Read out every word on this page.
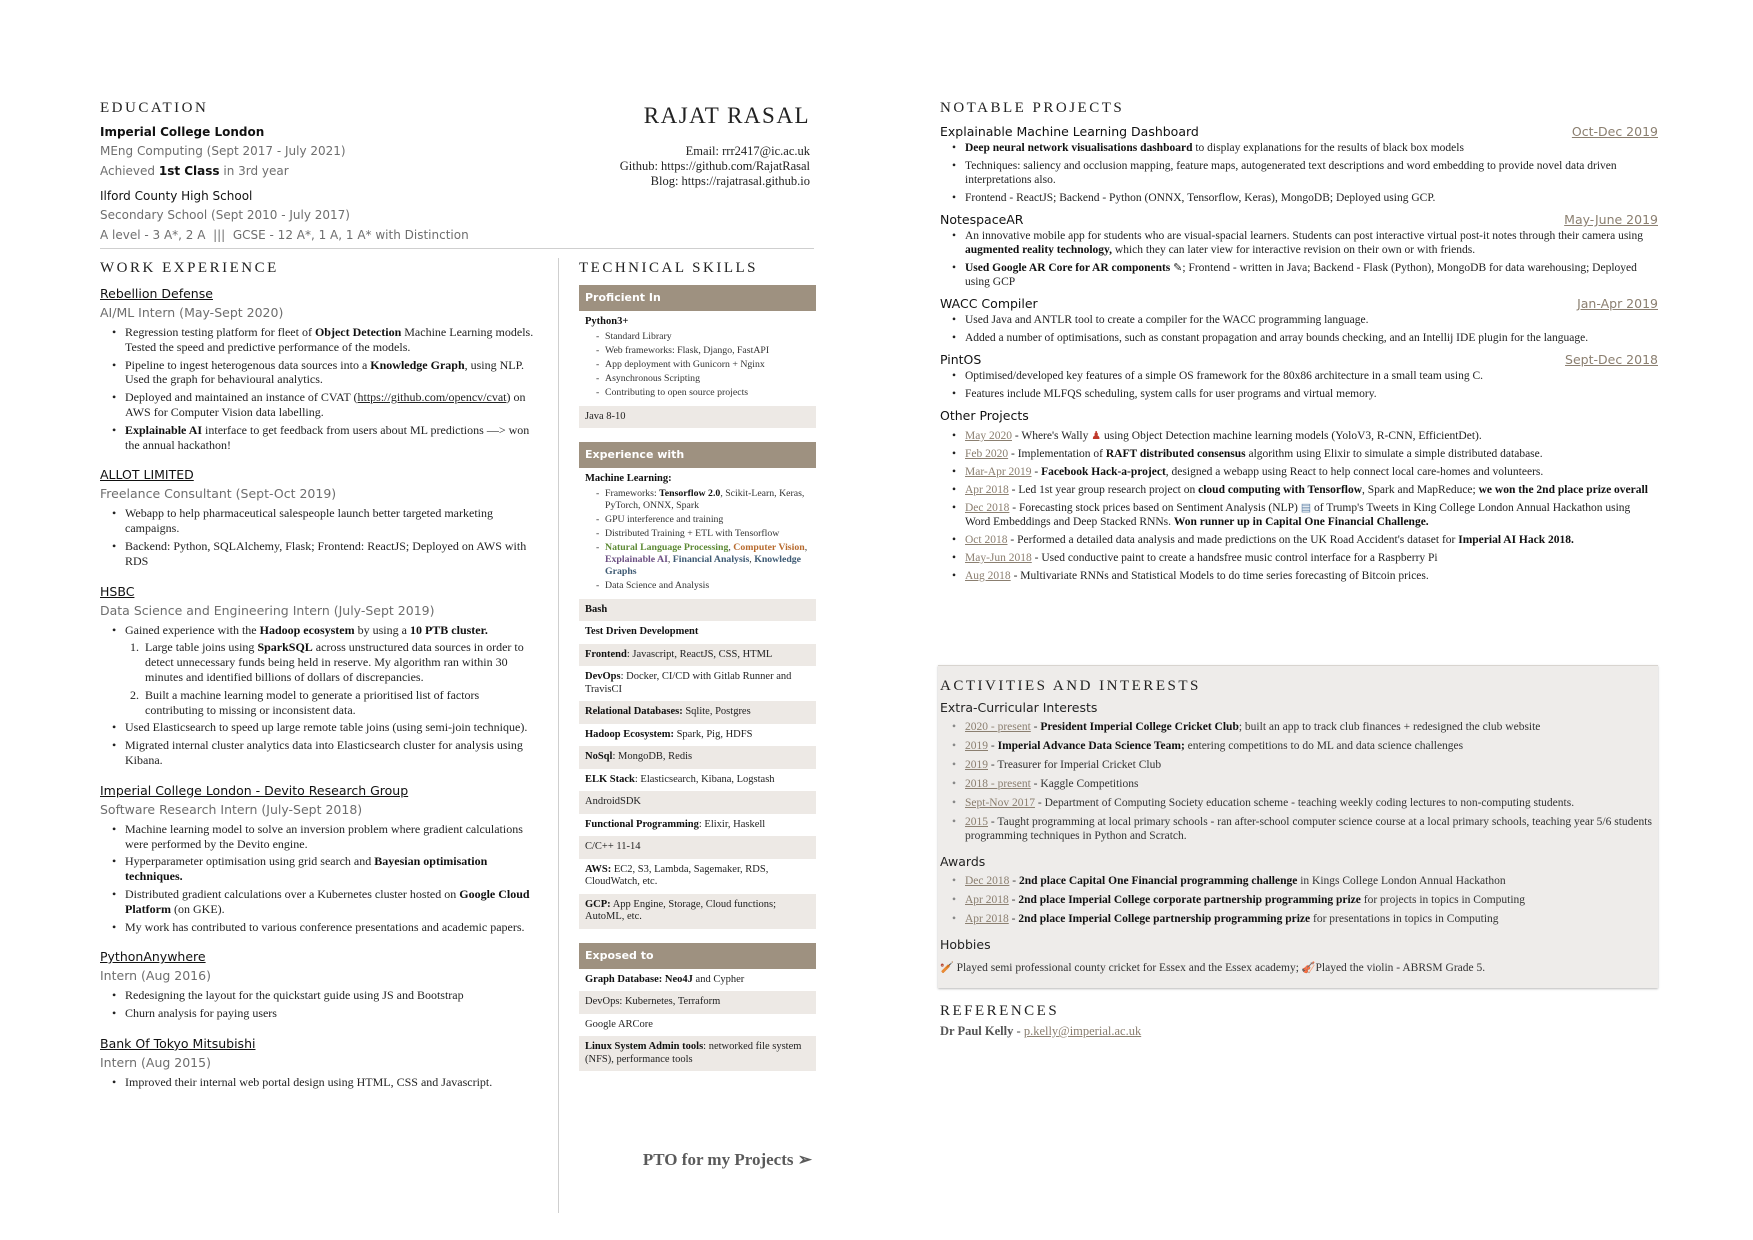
EDUCATION
Imperial College London
MEng Computing (Sept 2017 - July 2021)
Achieved 1st Class in 3rd year
Ilford County High School
Secondary School (Sept 2010 - July 2017)
A level - 3 A*, 2 A  |||  GCSE - 12 A*, 1 A, 1 A* with Distinction
RAJAT RASAL
Email: rrr2417@ic.ac.uk
Github: https://github.com/RajatRasal
Blog: https://rajatrasal.github.io
WORK EXPERIENCE
Rebellion Defense
AI/ML Intern (May-Sept 2020)
• Regression testing platform for fleet of Object Detection Machine Learning models. Tested the speed and predictive performance of the models.
• Pipeline to ingest heterogenous data sources into a Knowledge Graph, using NLP. Used the graph for behavioural analytics.
• Deployed and maintained an instance of CVAT (https://github.com/opencv/cvat) on AWS for Computer Vision data labelling.
• Explainable AI interface to get feedback from users about ML predictions —> won the annual hackathon!
ALLOT LIMITED
Freelance Consultant (Sept-Oct 2019)
• Webapp to help pharmaceutical salespeople launch better targeted marketing campaigns.
• Backend: Python, SQLAlchemy, Flask; Frontend: ReactJS; Deployed on AWS with RDS
HSBC
Data Science and Engineering Intern (July-Sept 2019)
• Gained experience with the Hadoop ecosystem by using a 10 PTB cluster.
1. Large table joins using SparkSQL across unstructured data sources in order to detect unnecessary funds being held in reserve. My algorithm ran within 30 minutes and identified billions of dollars of discrepancies.
2. Built a machine learning model to generate a prioritised list of factors contributing to missing or inconsistent data.
• Used Elasticsearch to speed up large remote table joins (using semi-join technique).
• Migrated internal cluster analytics data into Elasticsearch cluster for analysis using Kibana.
Imperial College London - Devito Research Group
Software Research Intern (July-Sept 2018)
• Machine learning model to solve an inversion problem where gradient calculations were performed by the Devito engine.
• Hyperparameter optimisation using grid search and Bayesian optimisation techniques.
• Distributed gradient calculations over a Kubernetes cluster hosted on Google Cloud Platform (on GKE).
• My work has contributed to various conference presentations and academic papers.
PythonAnywhere
Intern (Aug 2016)
• Redesigning the layout for the quickstart guide using JS and Bootstrap
• Churn analysis for paying users
Bank Of Tokyo Mitsubishi
Intern (Aug 2015)
• Improved their internal web portal design using HTML, CSS and Javascript.
TECHNICAL SKILLS
Proficient In
Python3+
- Standard Library
- Web frameworks: Flask, Django, FastAPI
- App deployment with Gunicorn + Nginx
- Asynchronous Scripting
- Contributing to open source projects
Java 8-10
Experience with
Machine Learning:
- Frameworks: Tensorflow 2.0, Scikit-Learn, Keras, PyTorch, ONNX, Spark
- GPU interference and training
- Distributed Training + ETL with Tensorflow
- Natural Language Processing, Computer Vision, Explainable AI, Financial Analysis, Knowledge Graphs
- Data Science and Analysis
Bash
Test Driven Development
Frontend: Javascript, ReactJS, CSS, HTML
DevOps: Docker, CI/CD with Gitlab Runner and TravisCI
Relational Databases: Sqlite, Postgres
Hadoop Ecosystem: Spark, Pig, HDFS
NoSql: MongoDB, Redis
ELK Stack: Elasticsearch, Kibana, Logstash
AndroidSDK
Functional Programming: Elixir, Haskell
C/C++ 11-14
AWS: EC2, S3, Lambda, Sagemaker, RDS, CloudWatch, etc.
GCP: App Engine, Storage, Cloud functions; AutoML, etc.
Exposed to
Graph Database: Neo4J and Cypher
DevOps: Kubernetes, Terraform
Google ARCore
Linux System Admin tools: networked file system (NFS), performance tools
PTO for my Projects ➢
NOTABLE PROJECTS
Explainable Machine Learning Dashboard	Oct-Dec 2019
• Deep neural network visualisations dashboard to display explanations for the results of black box models
• Techniques: saliency and occlusion mapping, feature maps, autogenerated text descriptions and word embedding to provide novel data driven interpretations also.
• Frontend - ReactJS; Backend - Python (ONNX, Tensorflow, Keras), MongoDB; Deployed using GCP.
NotespaceAR	May-June 2019
• An innovative mobile app for students who are visual-spacial learners. Students can post interactive virtual post-it notes through their camera using augmented reality technology, which they can later view for interactive revision on their own or with friends.
• Used Google AR Core for AR components ✎; Frontend - written in Java; Backend - Flask (Python), MongoDB for data warehousing; Deployed using GCP
WACC Compiler	Jan-Apr 2019
• Used Java and ANTLR tool to create a compiler for the WACC programming language.
• Added a number of optimisations, such as constant propagation and array bounds checking, and an Intellij IDE plugin for the language.
PintOS	Sept-Dec 2018
• Optimised/developed key features of a simple OS framework for the 80x86 architecture in a small team using C.
• Features include MLFQS scheduling, system calls for user programs and virtual memory.
Other Projects
• May 2020 - Where's Wally ♟ using Object Detection machine learning models (YoloV3, R-CNN, EfficientDet).
• Feb 2020 - Implementation of RAFT distributed consensus algorithm using Elixir to simulate a simple distributed database.
• Mar-Apr 2019 - Facebook Hack-a-project, designed a webapp using React to help connect local care-homes and volunteers.
• Apr 2018 - Led 1st year group research project on cloud computing with Tensorflow, Spark and MapReduce; we won the 2nd place prize overall
• Dec 2018 - Forecasting stock prices based on Sentiment Analysis (NLP) ▤ of Trump's Tweets in King College London Annual Hackathon using Word Embeddings and Deep Stacked RNNs. Won runner up in Capital One Financial Challenge.
• Oct 2018 - Performed a detailed data analysis and made predictions on the UK Road Accident's dataset for Imperial AI Hack 2018.
• May-Jun 2018 - Used conductive paint to create a handsfree music control interface for a Raspberry Pi
• Aug 2018 - Multivariate RNNs and Statistical Models to do time series forecasting of Bitcoin prices.
ACTIVITIES AND INTERESTS
Extra-Curricular Interests
• 2020 - present - President Imperial College Cricket Club; built an app to track club finances + redesigned the club website
• 2019 - Imperial Advance Data Science Team; entering competitions to do ML and data science challenges
• 2019 - Treasurer for Imperial Cricket Club
• 2018 - present - Kaggle Competitions
• Sept-Nov 2017 - Department of Computing Society education scheme - teaching weekly coding lectures to non-computing students.
• 2015 - Taught programming at local primary schools - ran after-school computer science course at a local primary schools, teaching year 5/6 students programming techniques in Python and Scratch.
Awards
• Dec 2018 - 2nd place Capital One Financial programming challenge in Kings College London Annual Hackathon
• Apr 2018 - 2nd place Imperial College corporate partnership programming prize for projects in topics in Computing
• Apr 2018 - 2nd place Imperial College partnership programming prize for presentations in topics in Computing
Hobbies
🏏 Played semi professional county cricket for Essex and the Essex academy; 🎻Played the violin - ABRSM Grade 5.
REFERENCES
Dr Paul Kelly - p.kelly@imperial.ac.uk
